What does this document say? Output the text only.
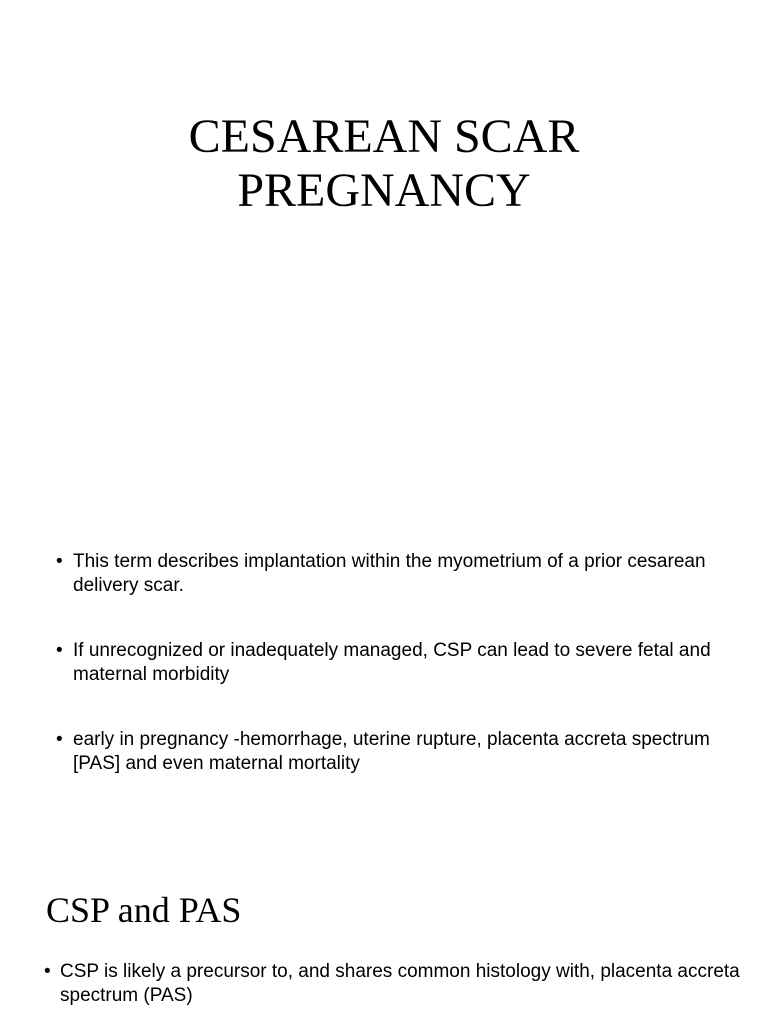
CESAREAN SCAR
PREGNANCY
• This term describes implantation within the myometrium of a prior cesarean delivery scar.
• If unrecognized or inadequately managed, CSP can lead to severe fetal and maternal morbidity
• early in pregnancy -hemorrhage, uterine rupture, placenta accreta spectrum [PAS] and even maternal mortality
CSP and PAS
• CSP is likely a precursor to, and shares common histology with, placenta accreta spectrum (PAS)
